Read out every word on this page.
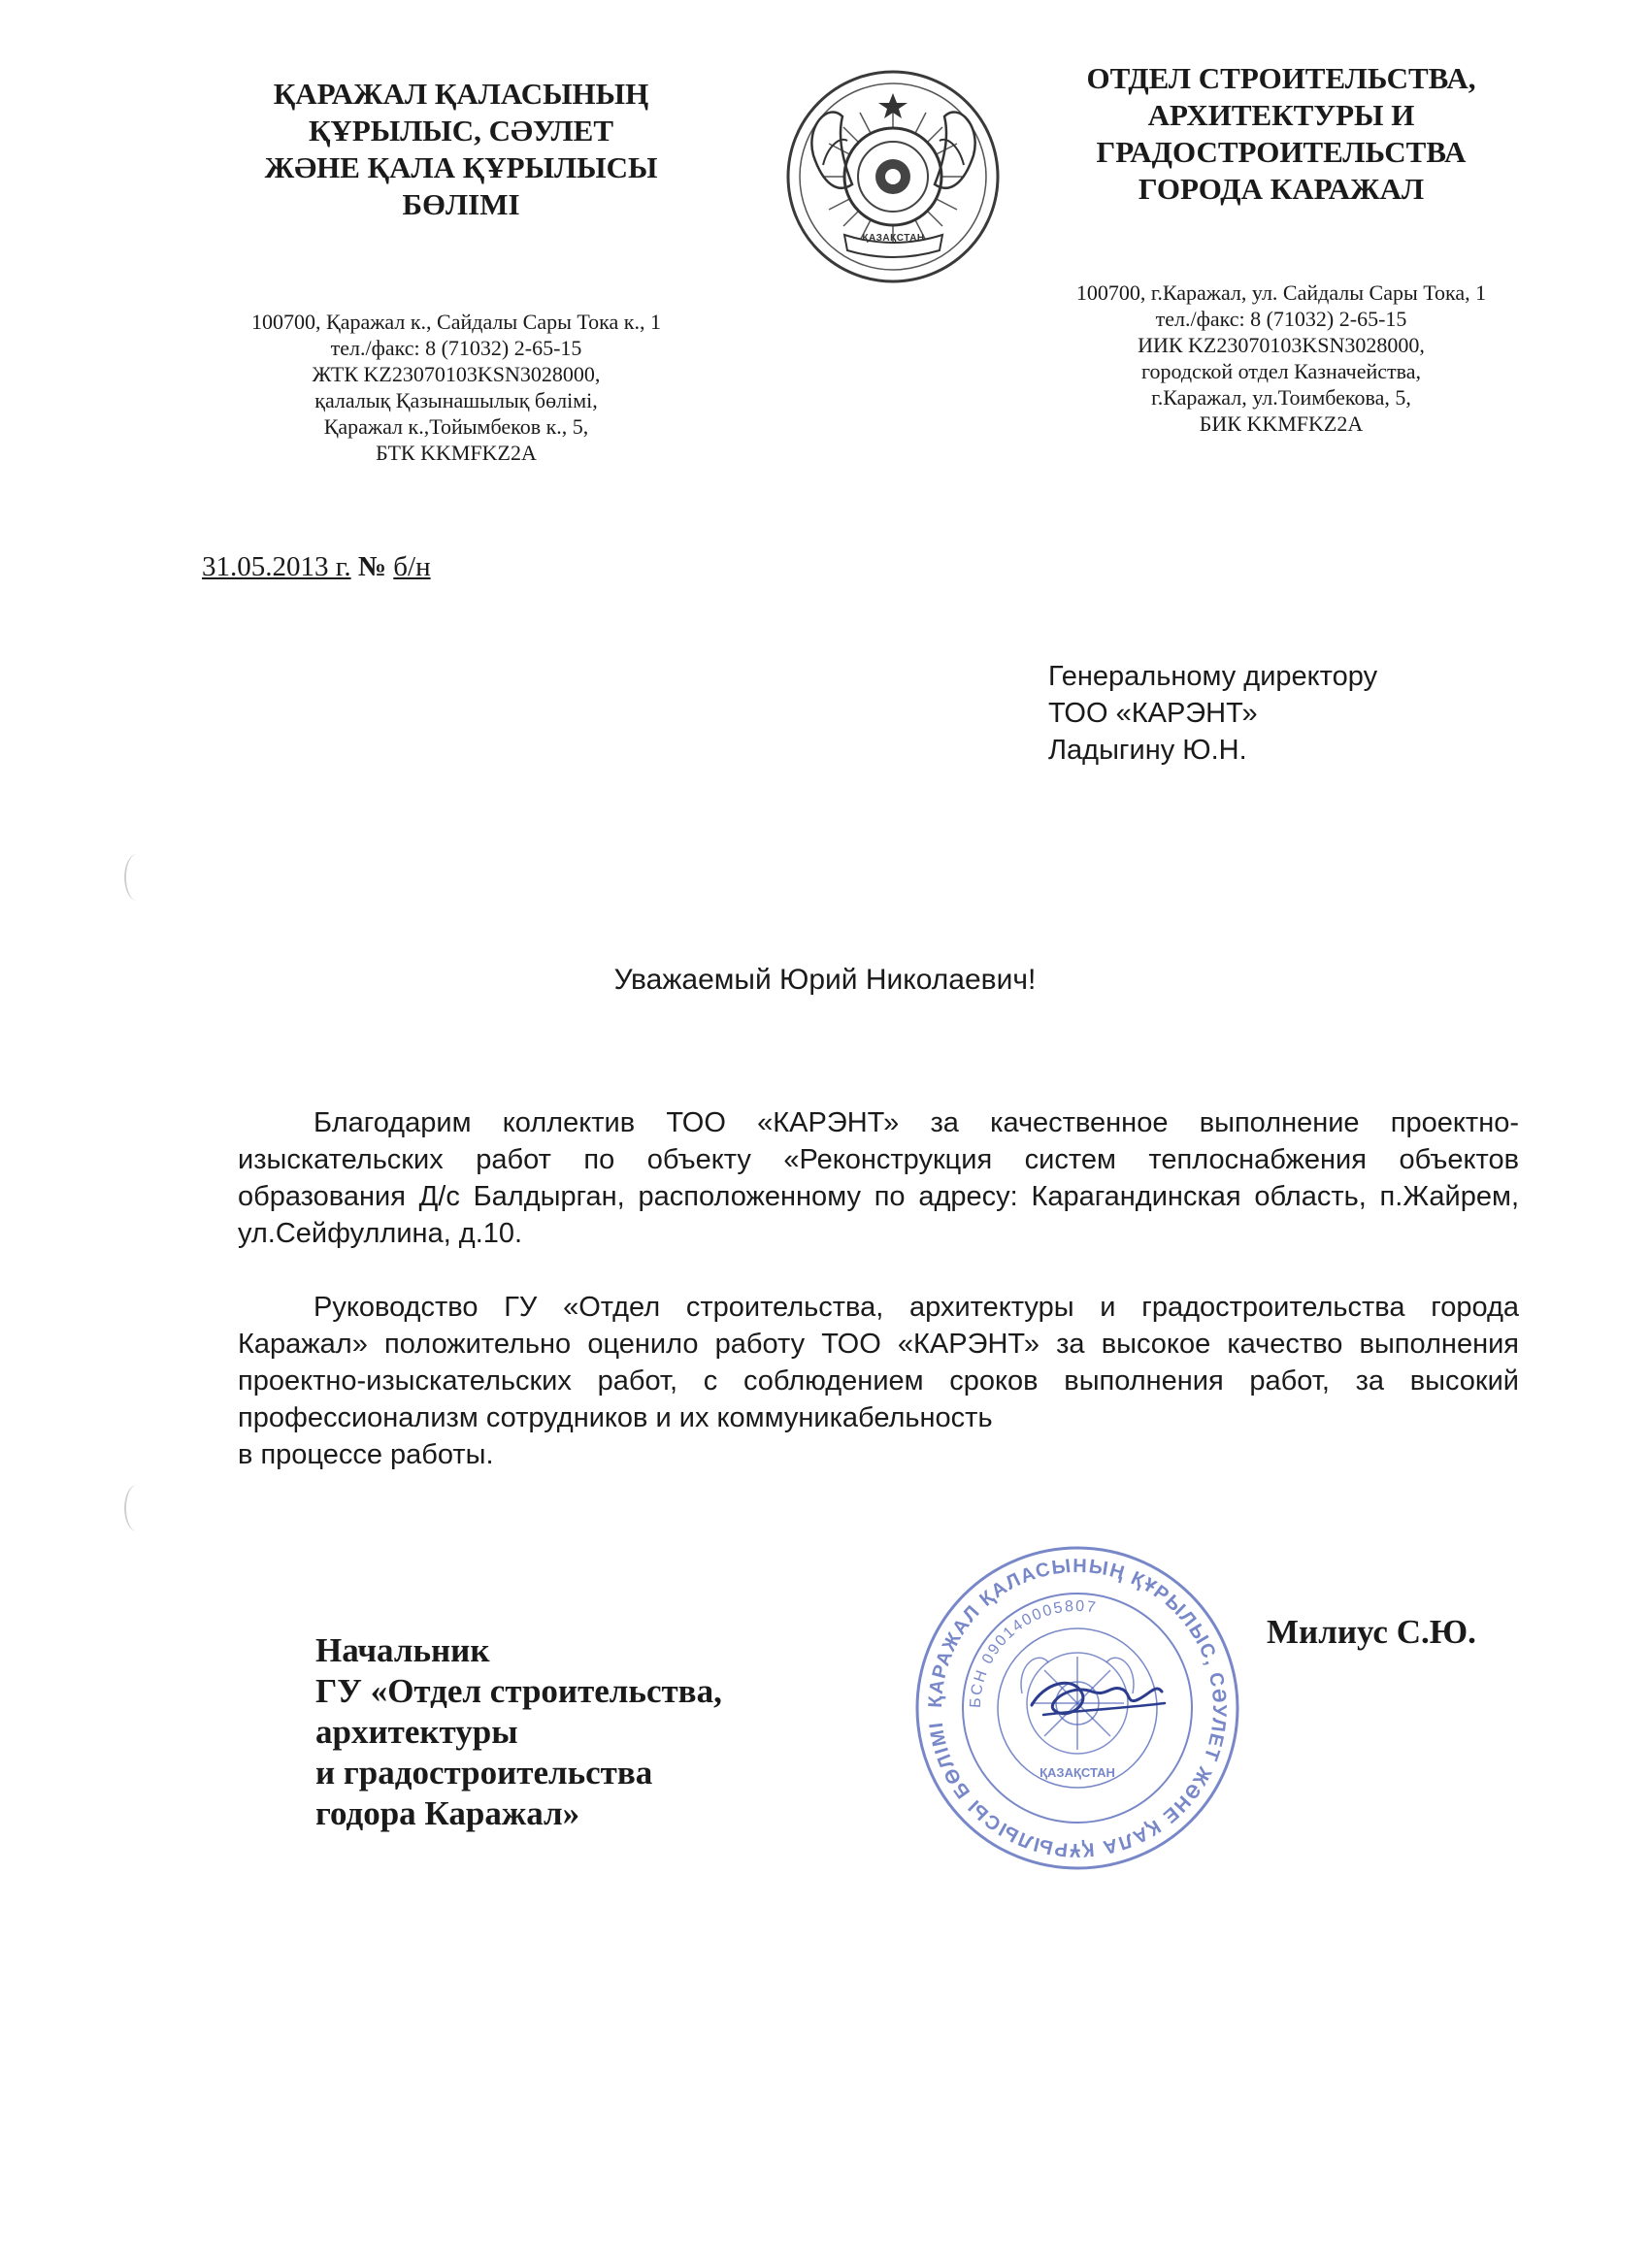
ҚАРАЖАЛ ҚАЛАСЫНЫҢ
ҚҰРЫЛЫС, СӘУЛЕТ
ЖӘНЕ ҚАЛА ҚҰРЫЛЫСЫ
БӨЛІМІ
100700, Қаражал к., Сайдалы Сары Тока к., 1
тел./факс: 8 (71032) 2-65-15
ЖТК KZ23070103KSN3028000,
қалалық Қазынашылық бөлімі,
Қаражал к.,Тойымбеков к., 5,
БТК KKMFKZ2A
ҚАЗАҚСТАН
ОТДЕЛ СТРОИТЕЛЬСТВА,
АРХИТЕКТУРЫ И
ГРАДОСТРОИТЕЛЬСТВА
ГОРОДА КАРАЖАЛ
100700, г.Каражал, ул. Сайдалы Сары Тока, 1
тел./факс: 8 (71032) 2-65-15
ИИК KZ23070103KSN3028000,
городской отдел Казначейства,
г.Каражал, ул.Тоимбекова, 5,
БИК KKMFKZ2A
31.05.2013 г. № б/н
Генеральному директору
ТОО «КАРЭНТ»
Ладыгину Ю.Н.
Уважаемый Юрий Николаевич!

Благодарим коллектив ТОО «КАРЭНТ» за качественное выполнение проектно-изыскательских работ по объекту «Реконструкция систем теплоснабжения объектов образования Д/с Балдырган, расположенному по адресу: Карагандинская область, п.Жайрем, ул.Сейфуллина, д.10.

Руководство ГУ «Отдел строительства, архитектуры и градостроительства города Каражал» положительно оценило работу ТОО «КАРЭНТ» за высокое качество выполнения проектно-изыскательских работ, с соблюдением сроков выполнения работ, за высокий профессионализм сотрудников и их коммуникабельность

в процессе работы.

Начальник
ГУ «Отдел строительства,
архитектуры
и градостроительства
годора Каражал»
Милиус С.Ю.
ҚАРАЖАЛ ҚАЛАСЫНЫҢ ҚҰРЫЛЫС, СӘУЛЕТ ЖӘНЕ ҚАЛА ҚҰРЫЛЫСЫ БӨЛІМІ
БСН 090140005807
ҚАЗАҚСТАН
